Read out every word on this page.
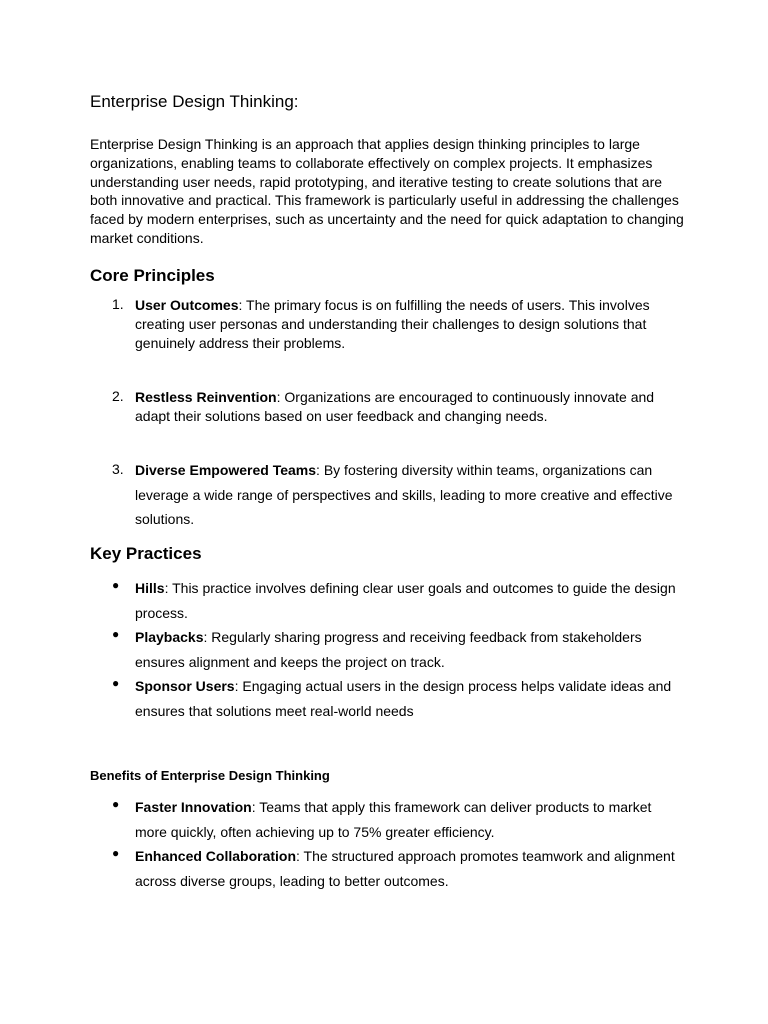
Enterprise Design Thinking:

Enterprise Design Thinking is an approach that applies design thinking principles to large organizations, enabling teams to collaborate effectively on complex projects. It emphasizes understanding user needs, rapid prototyping, and iterative testing to create solutions that are both innovative and practical. This framework is particularly useful in addressing the challenges faced by modern enterprises, such as uncertainty and the need for quick adaptation to changing market conditions.

Core Principles
1. User Outcomes: The primary focus is on fulfilling the needs of users. This involves creating user personas and understanding their challenges to design solutions that genuinely address their problems.
2. Restless Reinvention: Organizations are encouraged to continuously innovate and adapt their solutions based on user feedback and changing needs.
3. Diverse Empowered Teams: By fostering diversity within teams, organizations can leverage a wide range of perspectives and skills, leading to more creative and effective solutions.
Key Practices
●	Hills: This practice involves defining clear user goals and outcomes to guide the design process.
●	Playbacks: Regularly sharing progress and receiving feedback from stakeholders ensures alignment and keeps the project on track.
●	Sponsor Users: Engaging actual users in the design process helps validate ideas and ensures that solutions meet real-world needs
Benefits of Enterprise Design Thinking
●	Faster Innovation: Teams that apply this framework can deliver products to market more quickly, often achieving up to 75% greater efficiency.
●	Enhanced Collaboration: The structured approach promotes teamwork and alignment across diverse groups, leading to better outcomes.
